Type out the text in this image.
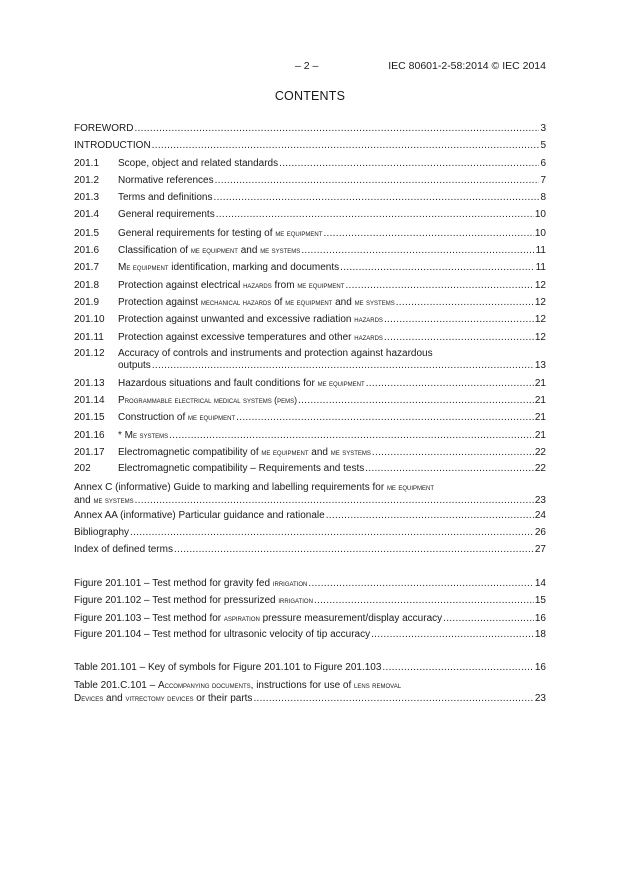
– 2 –	IEC 80601-2-58:2014 © IEC 2014
CONTENTS
FOREWORD .....	3
INTRODUCTION .....	5
201.1	Scope, object and related standards .....	6
201.2	Normative references .....	7
201.3	Terms and definitions .....	8
201.4	General requirements .....	10
201.5	General requirements for testing of me equipment .....	10
201.6	Classification of me equipment and me systems .....	11
201.7	Me equipment identification, marking and documents .....	11
201.8	Protection against electrical hazards from me equipment .....	12
201.9	Protection against mechanical hazards of me equipment and me systems .....	12
201.10	Protection against unwanted and excessive radiation hazards .....	12
201.11	Protection against excessive temperatures and other hazards .....	12
201.12	Accuracy of controls and instruments and protection against hazardous
outputs .....	13
201.13	Hazardous situations and fault conditions for me equipment .....	21
201.14	Programmable electrical medical systems (pems) .....	21
201.15	Construction of me equipment .....	21
201.16	* Me systems .....	21
201.17	Electromagnetic compatibility of me equipment and me systems .....	22
202	Electromagnetic compatibility – Requirements and tests .....	22
Annex C (informative) Guide to marking and labelling requirements for me equipment
and me systems .....	23
Annex AA (informative) Particular guidance and rationale .....	24
Bibliography .....	26
Index of defined terms .....	27
Figure 201.101 – Test method for gravity fed irrigation .....	14
Figure 201.102 – Test method for pressurized irrigation .....	15
Figure 201.103 – Test method for aspiration pressure measurement/display accuracy .....	16
Figure 201.104 – Test method for ultrasonic velocity of tip accuracy .....	18
Table 201.101 – Key of symbols for Figure 201.101 to Figure 201.103 .....	16
Table 201.C.101 – Accompanying documents, instructions for use of lens removal
Devices and vitrectomy devices or their parts .....	23
